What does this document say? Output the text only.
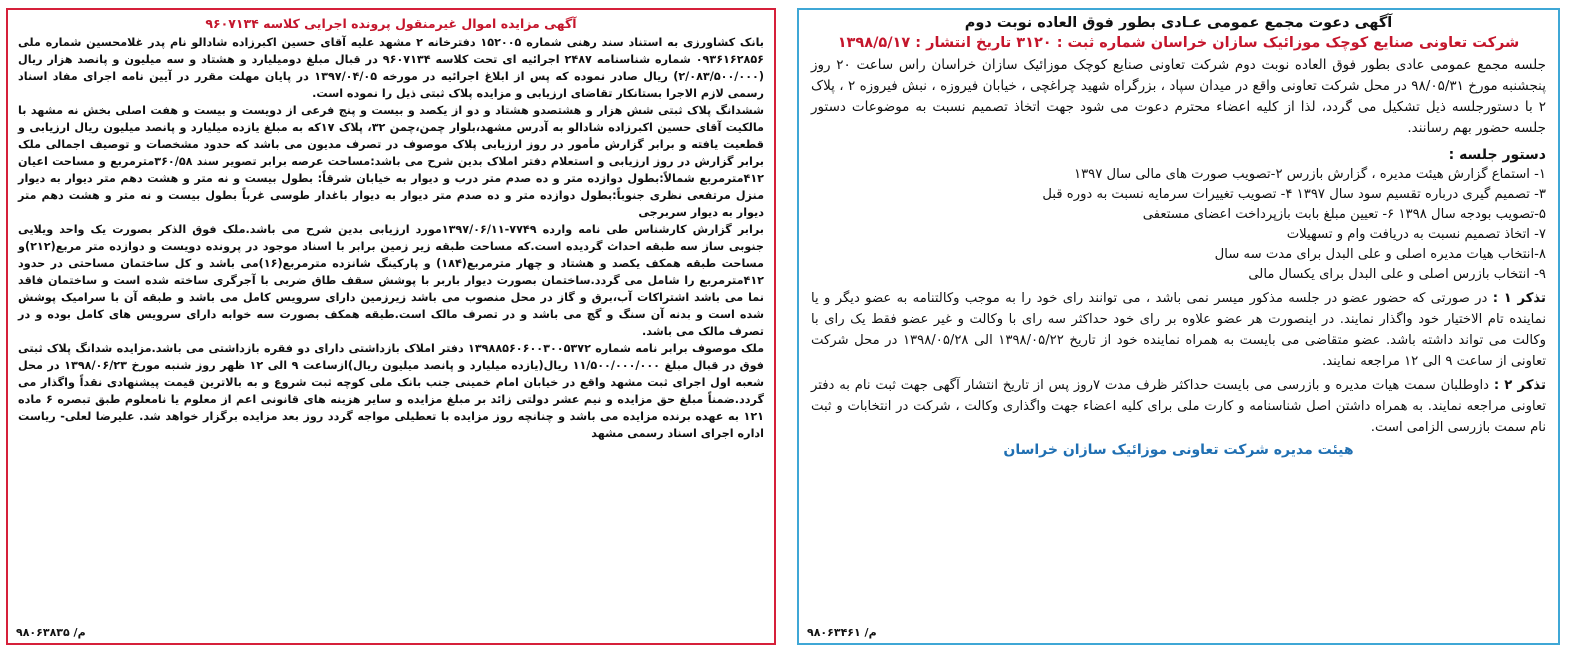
آگهی مزایده اموال غیرمنقول پرونده اجرایی کلاسه ۹۶۰۷۱۳۴

بانک کشاورزی به استناد سند رهنی شماره ۱۵۲۰۰۵ دفترخانه ۲ مشهد علیه آقای حسین اکبرزاده شادالو نام پدر غلامحسین شماره ملی ۰۹۳۶۱۶۲۸۵۶ شماره شناسنامه ۲۴۸۷ اجرائیه ای تحت کلاسه ۹۶۰۷۱۳۴ در قبال مبلغ دومیلیارد و هشتاد و سه میلیون و پانصد هزار ریال (۲/۰۸۳/۵۰۰/۰۰۰) ریال صادر نموده که پس از ابلاغ اجرائیه در مورخه ۱۳۹۷/۰۴/۰۵ در پایان مهلت مقرر در آیین نامه اجرای مفاد اسناد رسمی لازم الاجرا بستانکار تقاضای ارزیابی و مزایده پلاک ثبتی ذیل را نموده است.

ششدانگ پلاک ثبتی شش هزار و هشتصدو هشتاد و دو از یکصد و بیست و پنج فرعی از دویست و بیست و هفت اصلی بخش نه مشهد با مالکیت آقای حسین اکبرزاده شادالو به آدرس مشهد،بلوار چمن،چمن ۳۲، پلاک ۱۷که به مبلغ یازده میلیارد و پانصد میلیون ریال ارزیابی و قطعیت یافته و برابر گزارش مأمور در روز ارزیابی پلاک موصوف در تصرف مدیون می باشد که حدود مشخصات و توصیف اجمالی ملک برابر گزارش در روز ارزیابی و استعلام دفتر املاک بدین شرح می باشد:مساحت عرصه برابر تصویر سند ۳۶۰/۵۸مترمربع و مساحت اعیان ۴۱۲مترمربع شمالاً:بطول دوازده متر و ده صدم متر درب و دیوار به خیابان شرقاً: بطول بیست و نه متر و هشت دهم متر دیوار به دیوار منزل مرتفعی نظری جنوباً:بطول دوازده متر و ده صدم متر دیوار به دیوار باغدار طوسی غرباً بطول بیست و نه متر و هشت دهم متر دیوار به دیوار سربرجی

برابر گزارش کارشناس طی نامه وارده ۷۷۴۹-۱۳۹۷/۰۶/۱۱مورد ارزیابی بدین شرح می باشد.ملک فوق الذکر بصورت یک واحد ویلایی جنوبی ساز سه طبقه احداث گردیده است.که مساحت طبقه زیر زمین برابر با اسناد موجود در پرونده دویست و دوازده متر مربع(۲۱۲)و مساحت طبقه همکف یکصد و هشتاد و چهار مترمربع(۱۸۴) و پارکینگ شانزده مترمربع(۱۶)می باشد و کل ساختمان مساحتی در حدود ۴۱۲مترمربع را شامل می گردد.ساختمان بصورت دیوار باربر با پوشش سقف طاق ضربی با آجرگری ساخته شده است و ساختمان فاقد نما می باشد اشتراکات آب،برق و گاز در محل منصوب می باشد زیرزمین دارای سرویس کامل می باشد و طبقه آن با سرامیک پوشش شده است و بدنه آن سنگ و گچ می باشد و در تصرف مالک است.طبقه همکف بصورت سه خوابه دارای سرویس های کامل بوده و در تصرف مالک می باشد.

ملک موصوف برابر نامه شماره ۱۳۹۸۸۵۶۰۶۰۰۳۰۰۵۳۷۲ دفتر املاک بازداشتی دارای دو فقره بازداشتی می باشد.مزایده شدانگ پلاک ثبتی فوق در قبال مبلغ ۱۱/۵۰۰/۰۰۰/۰۰۰ ریال(یازده میلیارد و پانصد میلیون ریال)ازساعت ۹ الی ۱۲ ظهر روز شنبه مورخ ۱۳۹۸/۰۶/۲۳ در محل شعبه اول اجرای ثبت مشهد واقع در خیابان امام خمینی جنب بانک ملی کوچه ثبت شروع و به بالاترین قیمت پیشنهادی نقداً واگذار می گردد.ضمناً مبلغ حق مزایده و نیم عشر دولتی زائد بر مبلغ مزایده و سایر هزینه های قانونی اعم از معلوم یا نامعلوم طبق تبصره ۶ ماده ۱۲۱ به عهده برنده مزایده می باشد و چنانچه روز مزایده با تعطیلی مواجه گردد روز بعد مزایده برگزار خواهد شد. علیرضا لعلی- ریاست اداره اجرای اسناد رسمی مشهد

م/ ۹۸۰۶۳۸۳۵
آگهی دعوت مجمع عمومی عـادی بطور فوق العاده نوبت دوم
شرکت تعاونی صنایع کوچک موزائیک سازان خراسان شماره ثبت : ۳۱۲۰ تاریخ انتشار : ۱۳۹۸/۵/۱۷
جلسه مجمع عمومی عادی بطور فوق العاده نوبت دوم شرکت تعاونی صنایع کوچک موزائیک سازان خراسان راس ساعت ۲۰ روز پنجشنبه مورخ ۹۸/۰۵/۳۱ در محل شرکت تعاونی واقع در میدان سپاد ، بزرگراه شهید چراغچی ، خیابان فیروزه ، نبش فیروزه ۲ ، پلاک ۲ با دستورجلسه ذیل تشکیل می گردد، لذا از کلیه اعضاء محترم دعوت می شود جهت اتخاذ تصمیم نسبت به موضوعات دستور جلسه حضور بهم رسانند.
دستور جلسه :
۱- استماع گزارش هیئت مدیره ، گزارش بازرس ۲-تصویب صورت های مالی سال ۱۳۹۷
۳- تصمیم گیری درباره تقسیم سود سال ۱۳۹۷ ۴- تصویب تغییرات سرمایه نسبت به دوره قبل
۵-تصویب بودجه سال ۱۳۹۸ ۶- تعیین مبلغ بابت بازپرداخت اعضای مستعفی
۷- اتخاذ تصمیم نسبت به دریافت وام و تسهیلات
۸-انتخاب هیات مدیره اصلی و علی البدل برای مدت سه سال
۹- انتخاب بازرس اصلی و علی البدل برای یکسال مالی
تذکر ۱ : در صورتی که حضور عضو در جلسه مذکور میسر نمی باشد ، می توانند رای خود را به موجب وکالتنامه به عضو دیگر و یا نماینده تام الاختیار خود واگذار نمایند. در اینصورت هر عضو علاوه بر رای خود حداکثر سه رای با وکالت و غیر عضو فقط یک رای با وکالت می تواند داشته باشد. عضو متقاضی می بایست به همراه نماینده خود از تاریخ ۱۳۹۸/۰۵/۲۲ الی ۱۳۹۸/۰۵/۲۸ در محل شرکت تعاونی از ساعت ۹ الی ۱۲ مراجعه نمایند.
تذکر ۲ : داوطلبان سمت هیات مدیره و بازرسی می بایست حداکثر ظرف مدت ۷روز پس از تاریخ انتشار آگهی جهت ثبت نام به دفتر تعاونی مراجعه نمایند. به همراه داشتن اصل شناسنامه و کارت ملی برای کلیه اعضاء جهت واگذاری وکالت ، شرکت در انتخابات و ثبت نام سمت بازرسی الزامی است.
هیئت مدیره شرکت تعاونی موزائیک سازان خراسان
م/ ۹۸۰۶۳۴۶۱
